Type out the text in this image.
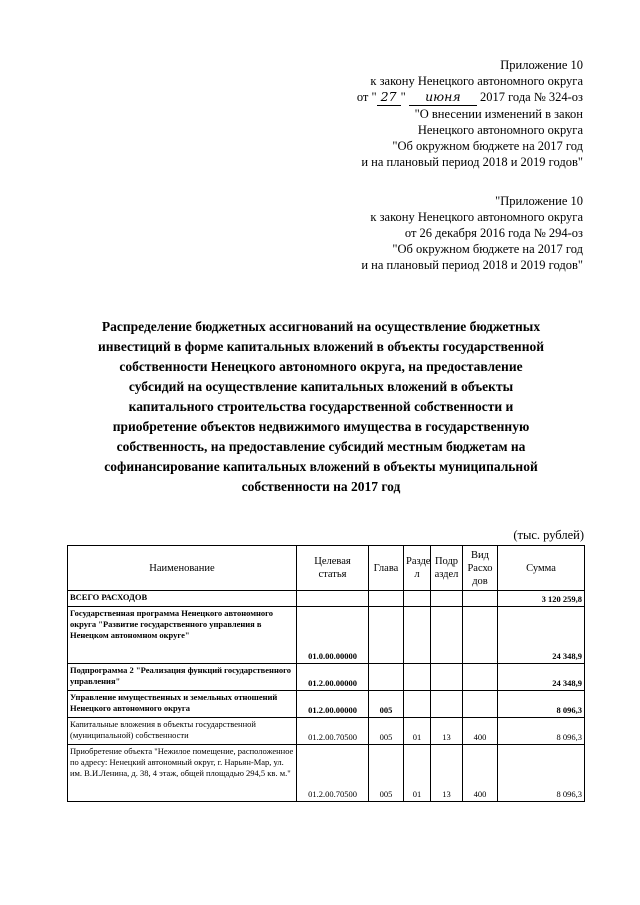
Приложение 10
к закону Ненецкого автономного округа
от " 27 " июня 2017 года № 324-оз
"О внесении изменений в закон
Ненецкого автономного округа
"Об окружном бюджете на 2017 год
и на плановый период 2018 и 2019 годов"
"Приложение 10
к закону Ненецкого автономного округа
от 26 декабря 2016 года № 294-оз
"Об окружном бюджете на 2017 год
и на плановый период 2018 и 2019 годов"
Распределение бюджетных ассигнований на осуществление бюджетных
инвестиций в форме капитальных вложений в объекты государственной
собственности Ненецкого автономного округа, на предоставление
субсидий на осуществление капитальных вложений в объекты
капитального строительства государственной собственности и
приобретение объектов недвижимого имущества в государственную
собственность, на предоставление субсидий местным бюджетам на
софинансирование капитальных вложений в объекты муниципальной
собственности на 2017 год
(тыс. рублей)
Наименование	Целевая статья	Глава	Разде л	Подр аздел	Вид Расхо дов	Сумма
ВСЕГО РАСХОДОВ						3 120 259,8
Государственная программа Ненецкого автономного округа "Развитие государственного управления в Ненецком автономном округе"	01.0.00.00000					24 348,9
Подпрограмма 2 "Реализация функций государственного управления"	01.2.00.00000					24 348,9
Управление имущественных и земельных отношений Ненецкого автономного округа	01.2.00.00000	005				8 096,3
Капитальные вложения в объекты государственной (муниципальной) собственности	01.2.00.70500	005	01	13	400	8 096,3
Приобретение объекта "Нежилое помещение, расположенное по адресу: Ненецкий автономный округ, г. Нарьян-Мар, ул. им. В.И.Ленина, д. 38, 4 этаж, общей площадью 294,5 кв. м."	01.2.00.70500	005	01	13	400	8 096,3
